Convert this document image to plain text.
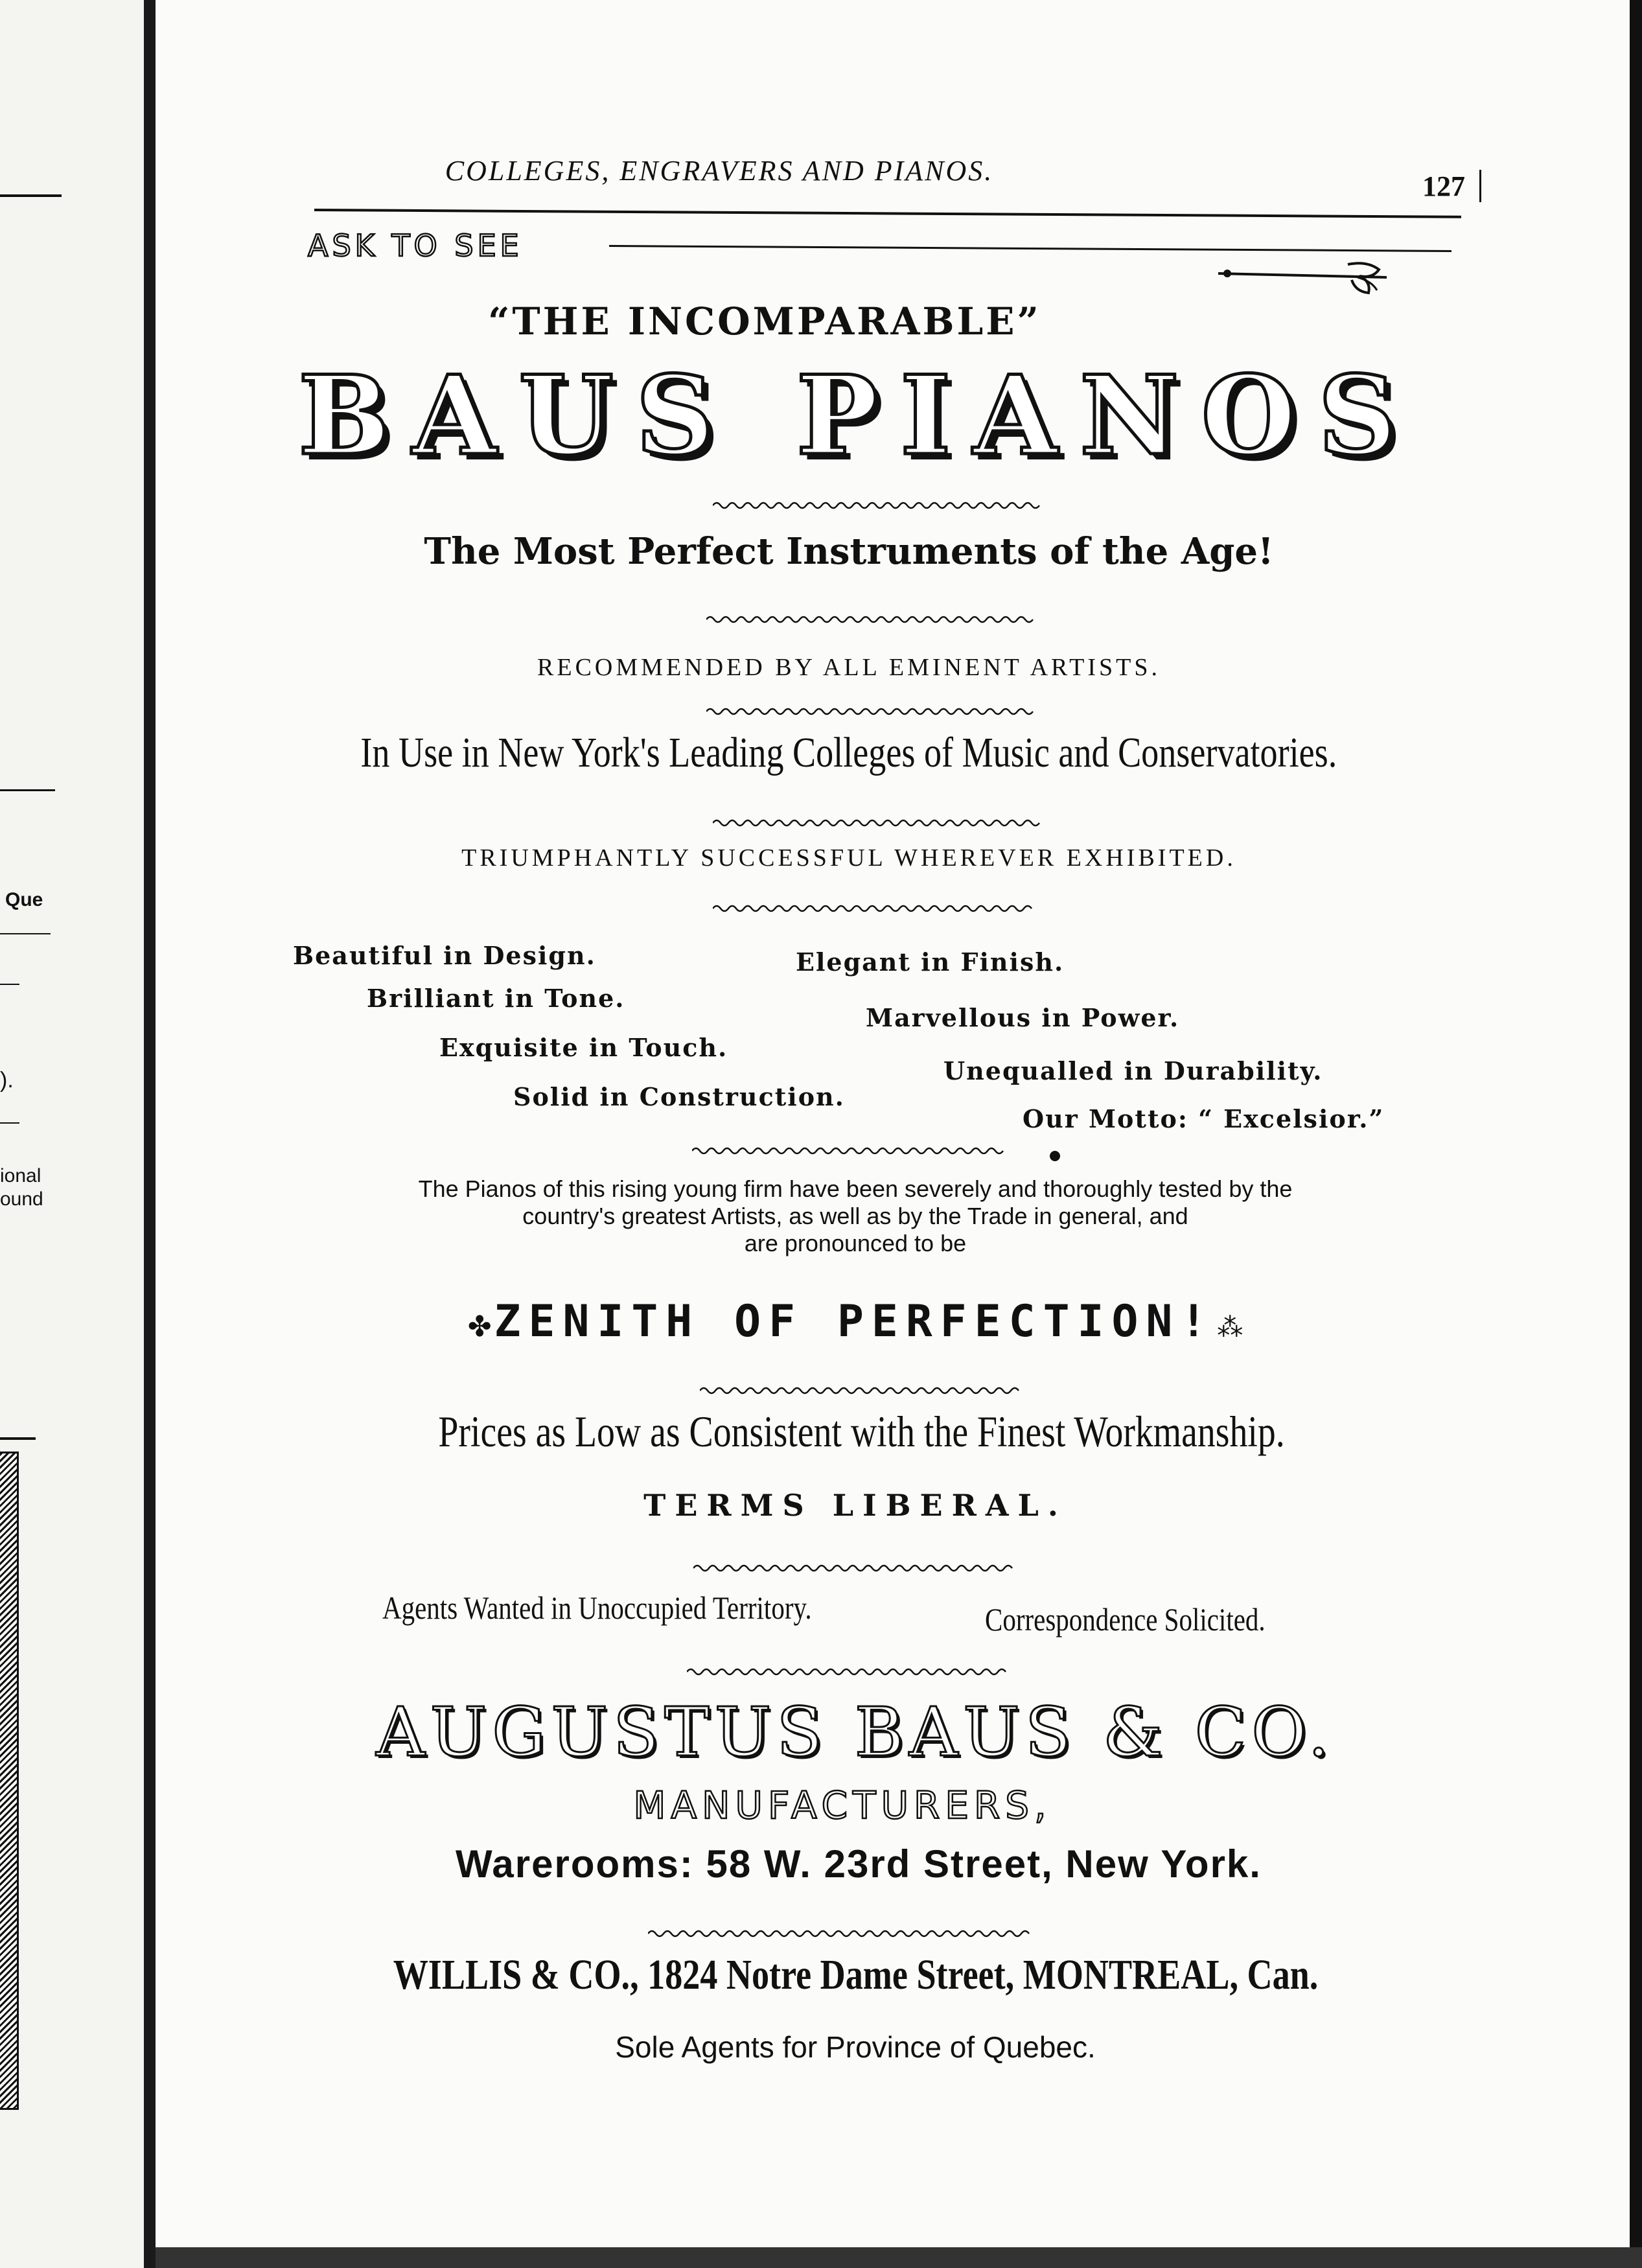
Que
).
ional
ound
COLLEGES, ENGRAVERS AND PIANOS.	127
ASK TO SEE
“THE INCOMPARABLE”
BAUS PIANOS
The Most Perfect Instruments of the Age!
RECOMMENDED BY ALL EMINENT ARTISTS.
In Use in New York's Leading Colleges of Music and Conservatories.
TRIUMPHANTLY SUCCESSFUL WHEREVER EXHIBITED.
Beautiful in Design.	Elegant in Finish.
Brilliant in Tone.
Marvellous in Power.
Exquisite in Touch.
Unequalled in Durability.
Solid in Construction.
Our Motto: “ Excelsior.”
The Pianos of this rising young firm have been severely and thoroughly tested by the
country's greatest Artists, as well as by the Trade in general, and
are pronounced to be
✤ ZENITH OF PERFECTION! ⁂
Prices as Low as Consistent with the Finest Workmanship.
TERMS LIBERAL.
Agents Wanted in Unoccupied Territory.	Correspondence Solicited.
AUGUSTUS BAUS & CO.
MANUFACTURERS,
Warerooms: 58 W. 23rd Street, New York.
WILLIS & CO., 1824 Notre Dame Street, MONTREAL, Can.
Sole Agents for Province of Quebec.
